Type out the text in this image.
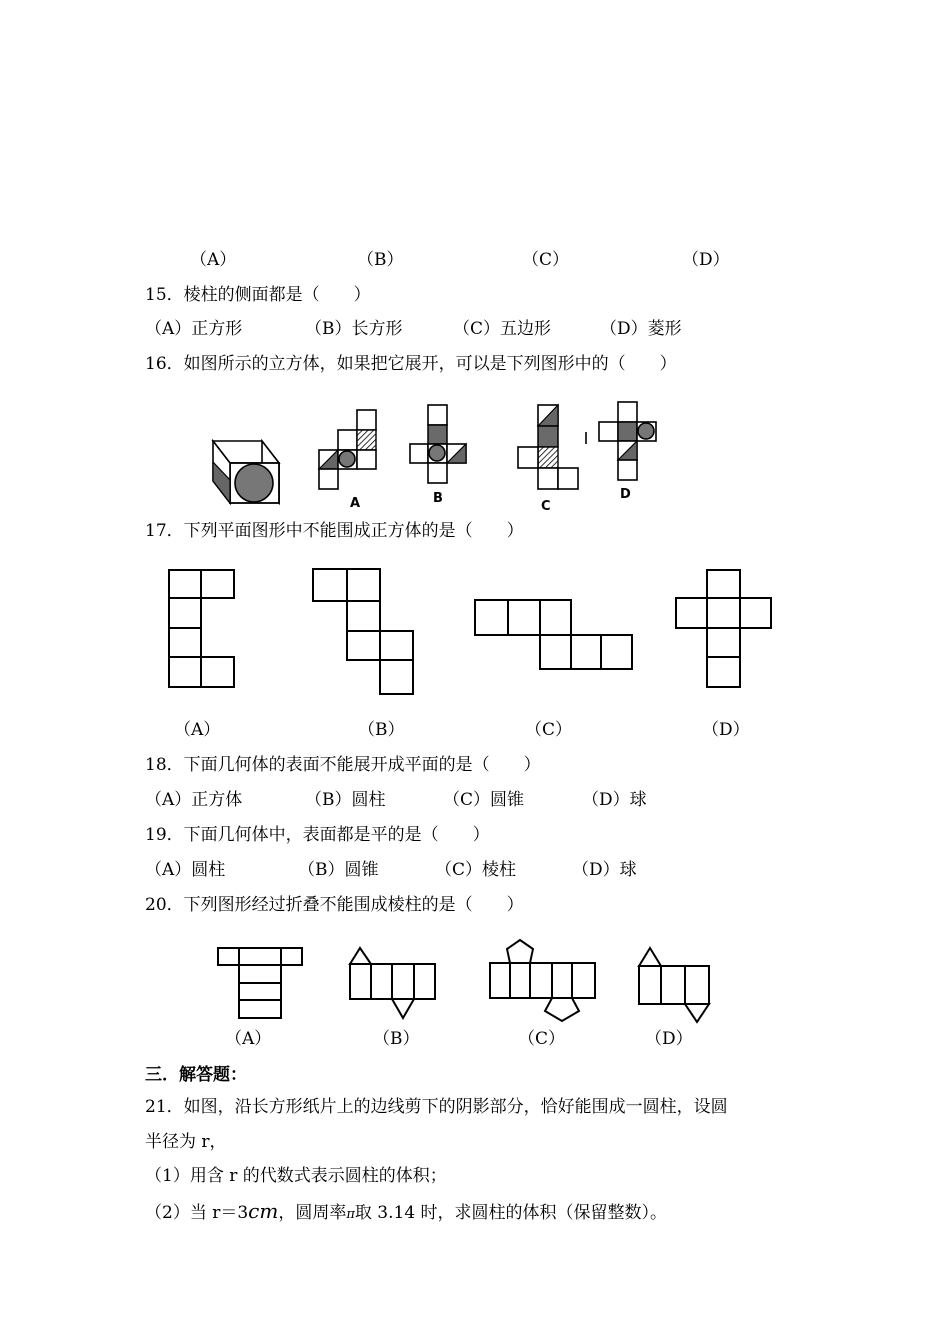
（A）	（B）	（C）	（D）
15．棱柱的侧面都是（　　）
（A）正方形	（B）长方形	（C）五边形	（D）菱形
16．如图所示的立方体，如果把它展开，可以是下列图形中的（　　）
A	B
C
D
17．下列平面图形中不能围成正方体的是（　　）
（A）	（B）	（C）	（D）
18．下面几何体的表面不能展开成平面的是（　　）
（A）正方体	（B）圆柱	（C）圆锥	（D）球
19．下面几何体中，表面都是平的是（　　）
（A）圆柱	（B）圆锥	（C）棱柱	（D）球
20．下列图形经过折叠不能围成棱柱的是（　　）
（A）	（B）	（C）	（D）
三．解答题：
21．如图，沿长方形纸片上的边线剪下的阴影部分，恰好能围成一圆柱，设圆
半径为 r，
（1）用含 r 的代数式表示圆柱的体积；
（2）当 r＝3cm，圆周率π取 3.14 时，求圆柱的体积（保留整数）。
